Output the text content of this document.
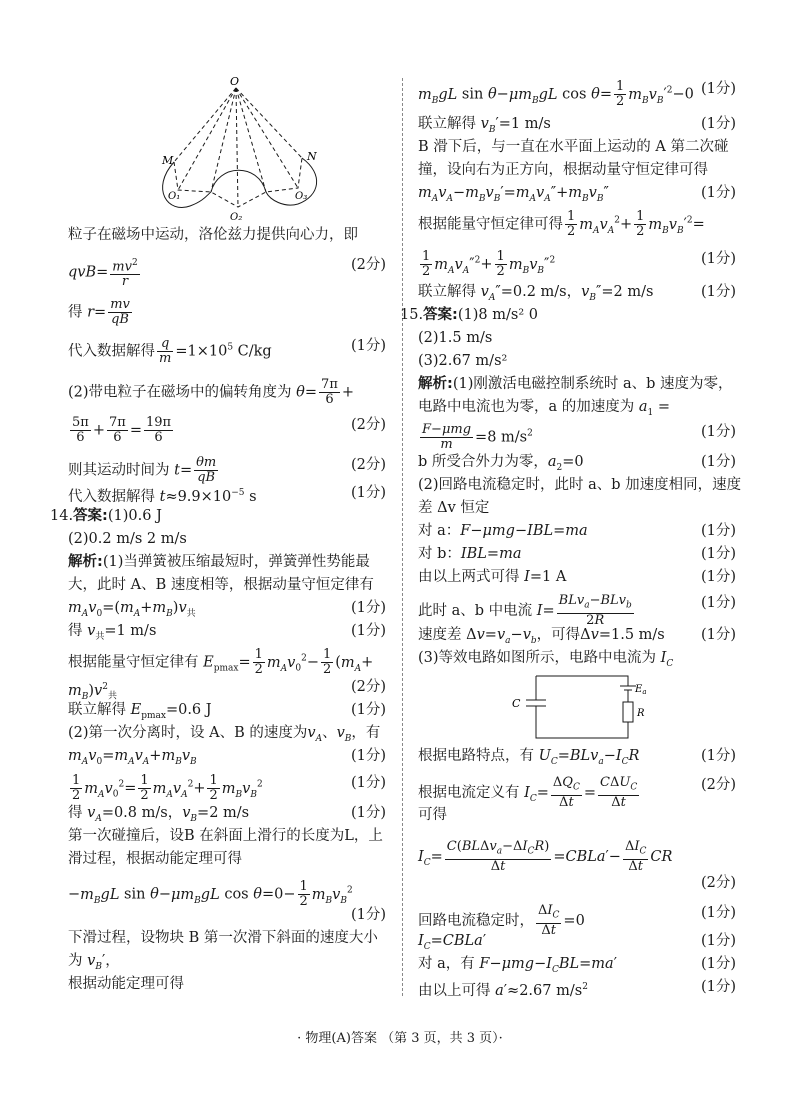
O
M	N
O₁
O₂
O₃
粒子在磁场中运动，洛伦兹力提供向心力，即
$qvB= \frac{mv^2}{r}$	(2分)
得 $r= \frac{mv}{qB}$
代入数据解得 $\frac{q}{m} =1\times 10^5$ C/kg	(1分)
(2)带电粒子在磁场中的偏转角度为 $\theta= \frac{7\pi}{6}$ +
$\frac{5\pi}{6} + \frac{7\pi}{6} = \frac{19\pi}{6}$	(2分)
则其运动时间为 $t= \frac{\theta m}{qB}$	(2分)
代入数据解得 $t\approx 9.9\times 10^{-5}$ s	(1分)
14.答案:(1)0.6 J
(2)0.2 m/s 2 m/s
解析:(1)当弹簧被压缩最短时，弹簧弹性势能最
大，此时 A、B 速度相等，根据动量守恒定律有
$m_Av_0=(m_A+m_B)v_共$	(1分)
得 $v_共=1$ m/s	(1分)
根据能量守恒定律有 $E_{pmax}= \frac{1}{2} m_Av_0^2- \frac{1}{2} (m_A+$
$m_B)v^2_共$
(2分)
联立解得 $E_{pmax}=0.6$ J	(1分)
(2)第一次分离时，设 A、B 的速度为$v_A$、$v_B$，有
$m_Av_0=m_Av_A+m_Bv_B$	(1分)
$\frac{1}{2} m_Av_0^2= \frac{1}{2} m_Av_A^2+ \frac{1}{2} m_Bv_B^2$	(1分)
得 $v_A=0.8$ m/s，$v_B=2$ m/s	(1分)
第一次碰撞后，设B 在斜面上滑行的长度为L，上
滑过程，根据动能定理可得
$-m_BgL$ $\sin \theta-\mu m_BgL$ $\cos \theta=0- \frac{1}{2} m_Bv_B^2$
(1分)
下滑过程，设物块 B 第一次滑下斜面的速度大小
为 $v_B'$，
根据动能定理可得
$m_BgL$ $\sin \theta-\mu m_BgL$ $\cos \theta= \frac{1}{2} m_Bv_B'^2-0$ (1分)
联立解得 $v_B'=1$ m/s	(1分)
B 滑下后，与一直在水平面上运动的 A 第二次碰
撞，设向右为正方向，根据动量守恒定律可得
$m_Av_A-m_Bv_B'=m_Av_A''+m_Bv_B''$	(1分)
根据能量守恒定律可得 $\frac{1}{2} m_Av_A^2+ \frac{1}{2} m_Bv_B'^2=$
$\frac{1}{2} m_Av_A''^2+ \frac{1}{2} m_Bv_B''^2$	(1分)
联立解得 $v_A''=0.2$ m/s，$v_B''=2$ m/s	(1分)
15.答案:(1)8 m/s² 0
(2)1.5 m/s
(3)2.67 m/s²
解析:(1)刚激活电磁控制系统时 a、b 速度为零，
电路中电流也为零，a 的加速度为 $a_1$ =
$\frac{\text{F−μmg}}{m} =8$ $m/s^2$	(1分)
b 所受合外力为零，$a_2=0$	(1分)
(2)回路电流稳定时，此时 a、b 加速度相同，速度
差 Δv 恒定
对 a：F−μmg−IBL=ma	(1分)
对 b：IBL=ma	(1分)
由以上两式可得 I=1 A	(1分)
此时 a、b 中电流 $I= \frac{BLv_a-BLv_b}{2R}$	(1分)
速度差 $\Delta v=v_a-v_b$，可得Δv=1.5 m/s (1分)
(3)等效电路如图所示，电路中电流为 $I_C$
C
$E_a$
R
根据电路特点，有 $U_C=BLv_a-I_CR$	(1分)
根据电流定义有 $I_C= \frac{\Delta Q_C}{\Delta t} = \frac{C\Delta U_C}{\Delta t}$	(2分)
可得
$I_C= \frac{C(BL\Delta v_a-\Delta I_CR)}{\Delta t}$ =CBLa′− $\frac{\Delta I_C}{\Delta t}$ CR
(2分)
回路电流稳定时， $\frac{\Delta I_C}{\Delta t} =0$	(1分)
$I_C=CBLa'$	(1分)
对 a，有 $F-\mu mg-I_CBL=ma'$	(1分)
由以上可得 a′≈2.67 $m/s^2$	(1分)
· 物理(A)答案 （第 3 页，共 3 页）·
